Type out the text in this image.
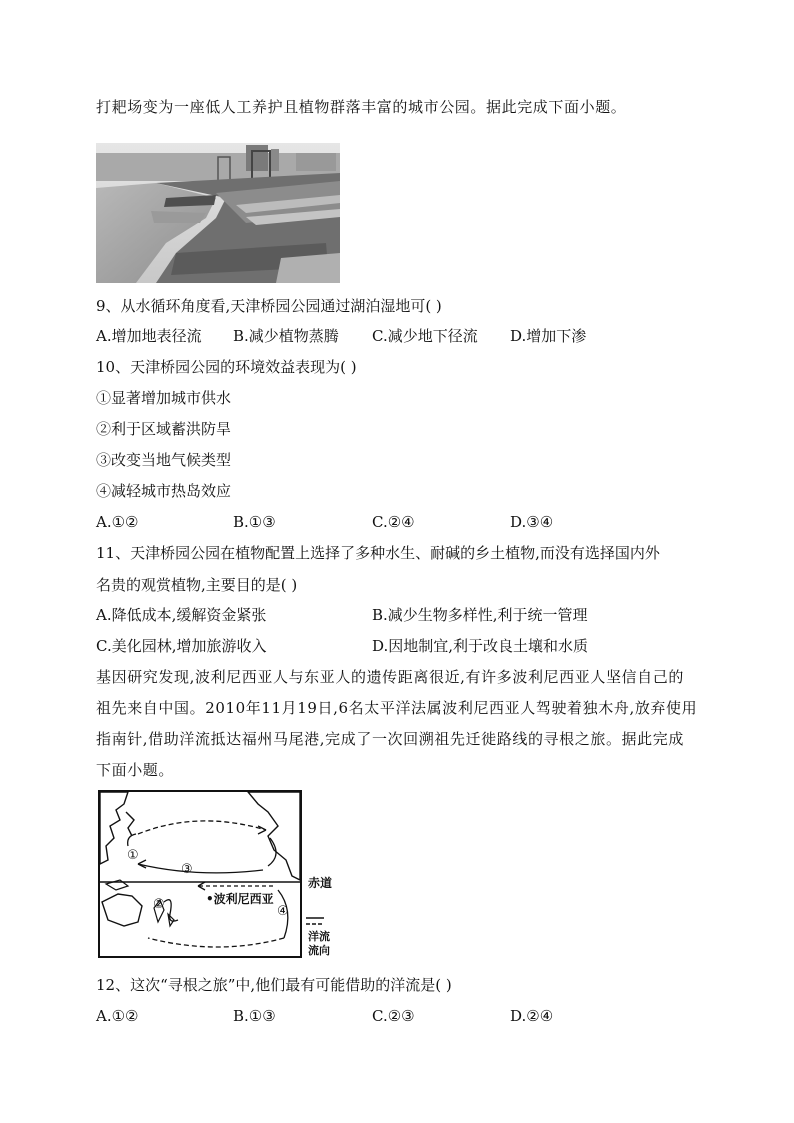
打耙场变为一座低人工养护且植物群落丰富的城市公园。据此完成下面小题。
9、从水循环角度看,天津桥园公园通过湖泊湿地可( )
A.增加地表径流 B.减少植物蒸腾 C.减少地下径流 D.增加下渗
10、天津桥园公园的环境效益表现为( )
①显著增加城市供水
②利于区域蓄洪防旱
③改变当地气候类型
④减轻城市热岛效应
A.①②	B.①③	C.②④	D.③④
11、天津桥园公园在植物配置上选择了多种水生、耐碱的乡土植物,而没有选择国内外
名贵的观赏植物,主要目的是( )
A.降低成本,缓解资金紧张	B.减少生物多样性,利于统一管理
C.美化园林,增加旅游收入	D.因地制宜,利于改良土壤和水质
基因研究发现,波利尼西亚人与东亚人的遗传距离很近,有许多波利尼西亚人坚信自己的
祖先来自中国。2010年11月19日,6名太平洋法属波利尼西亚人驾驶着独木舟,放弃使用
指南针,借助洋流抵达福州马尾港,完成了一次回溯祖先迁徙路线的寻根之旅。据此完成
下面小题。
①
②
③
④
•波利尼西亚
赤道
洋流
流向
12、这次“寻根之旅”中,他们最有可能借助的洋流是( )
A.①②	B.①③	C.②③	D.②④
